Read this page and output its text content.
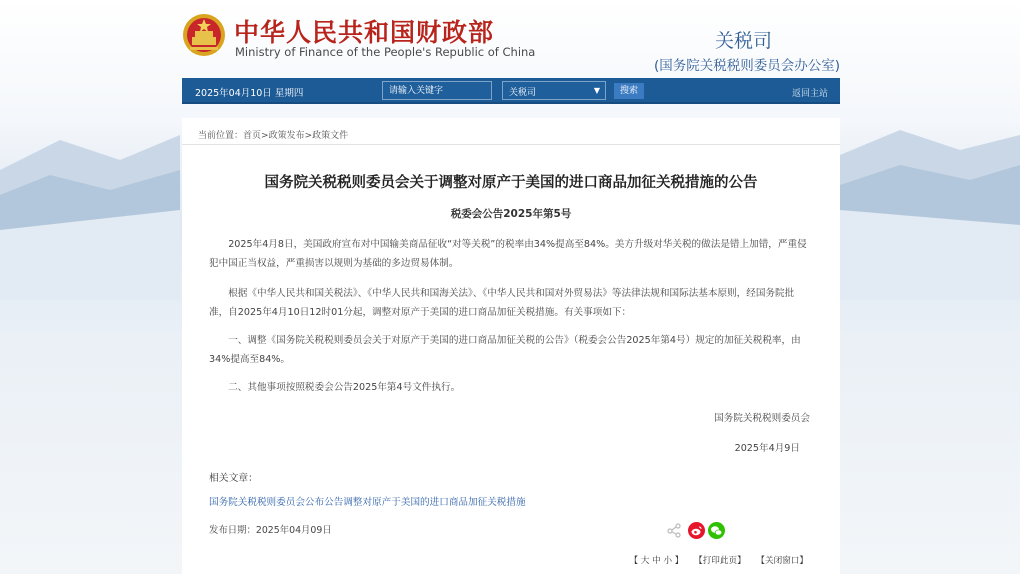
中华人民共和国财政部
Ministry of Finance of the People's Republic of China	关税司
(国务院关税税则委员会办公室)
2025年04月10日 星期四
请输入关键字	关税司	▼	搜索	返回主站
当前位置：首页>政策发布>政策文件
国务院关税税则委员会关于调整对原产于美国的进口商品加征关税措施的公告
税委会公告2025年第5号

2025年4月8日，美国政府宣布对中国输美商品征收“对等关税”的税率由34%提高至84%。美方升级对华关税的做法是错上加错，严重侵犯中国正当权益，严重损害以规则为基础的多边贸易体制。

根据《中华人民共和国关税法》、《中华人民共和国海关法》、《中华人民共和国对外贸易法》等法律法规和国际法基本原则，经国务院批准，自2025年4月10日12时01分起，调整对原产于美国的进口商品加征关税措施。有关事项如下：

一、调整《国务院关税税则委员会关于对原产于美国的进口商品加征关税的公告》（税委会公告2025年第4号）规定的加征关税税率，由34%提高至84%。

二、其他事项按照税委会公告2025年第4号文件执行。

国务院关税税则委员会
2025年4月9日
相关文章：
国务院关税税则委员会公布公告调整对原产于美国的进口商品加征关税措施
发布日期：2025年04月09日
【 大 中 小 】 【打印此页】 【关闭窗口】
